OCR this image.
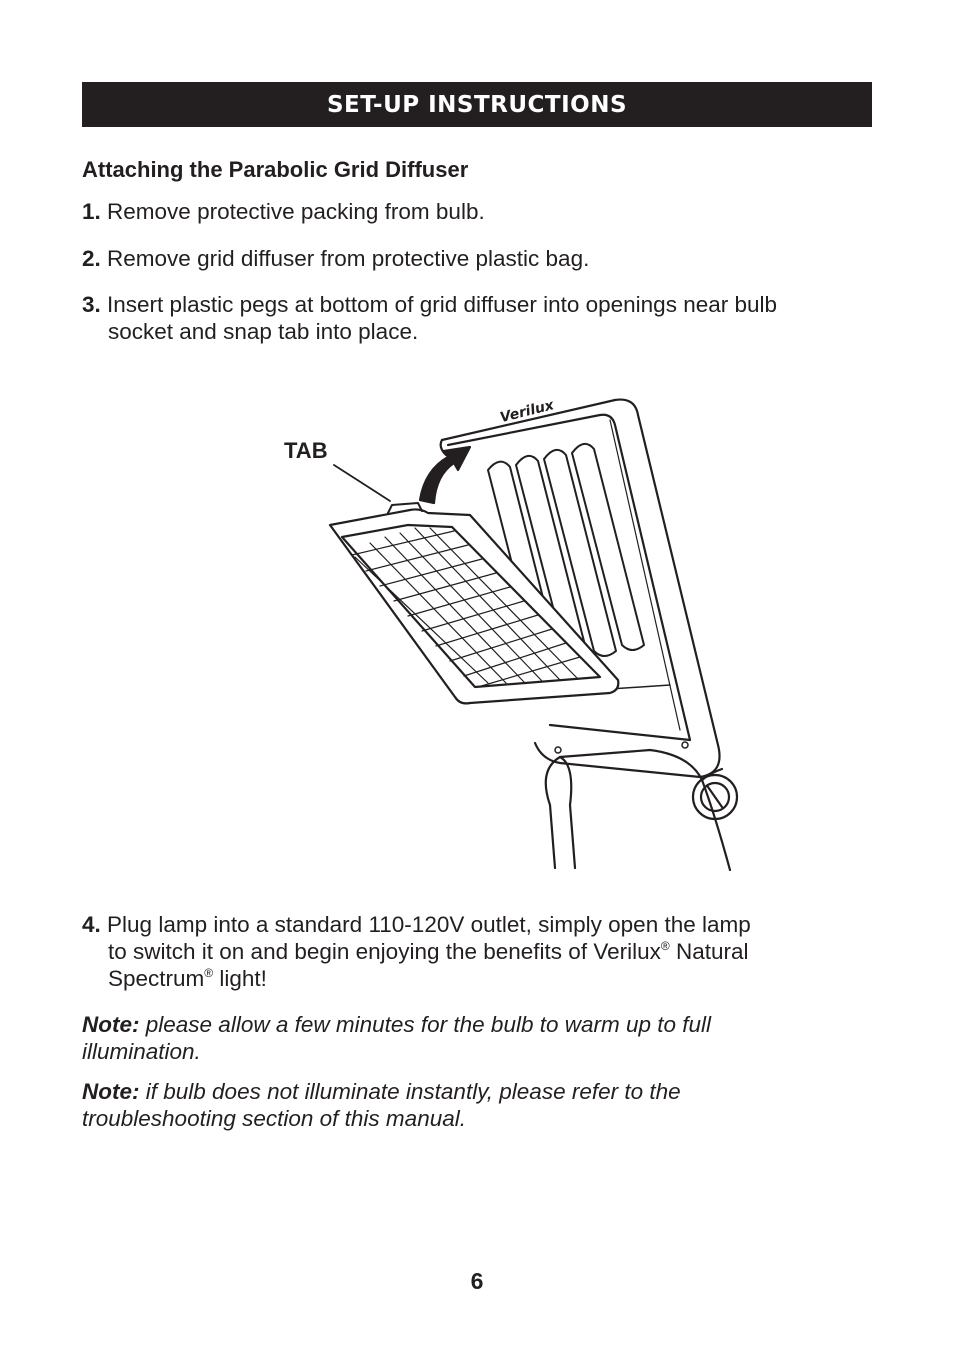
SET-UP INSTRUCTIONS
Attaching the Parabolic Grid Diffuser
1. Remove protective packing from bulb.
2. Remove grid diffuser from protective plastic bag.
3. Insert plastic pegs at bottom of grid diffuser into openings near bulb
socket and snap tab into place.
TAB
Verilux
4. Plug lamp into a standard 110-120V outlet, simply open the lamp
to switch it on and begin enjoying the benefits of Verilux® Natural
Spectrum® light!
Note: please allow a few minutes for the bulb to warm up to full
illumination.
Note: if bulb does not illuminate instantly, please refer to the
troubleshooting section of this manual.
6
